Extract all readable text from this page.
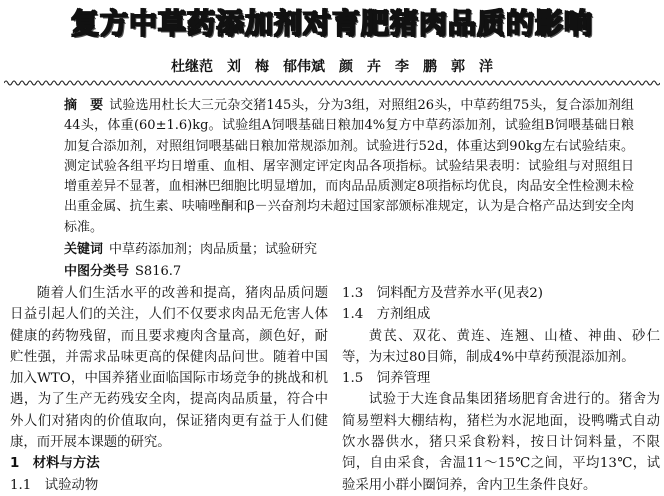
复方中草药添加剂对育肥猪肉品质的影响
杜继范　刘　梅　郁伟斌　颜　卉　李　鹏　郭　洋
摘　要 试验选用杜长大三元杂交猪145头，分为3组，对照组26头，中草药组75头，复合添加剂组44头，体重(60±1.6)kg。试验组A饲喂基础日粮加4%复方中草药添加剂，试验组B饲喂基础日粮加复合添加剂，对照组饲喂基础日粮加常规添加剂。试验进行52d，体重达到90kg左右试验结束。测定试验各组平均日增重、血相、屠宰测定评定肉品各项指标。试验结果表明：试验组与对照组日增重差异不显著，血相淋巴细胞比明显增加，而肉品品质测定8项指标均优良，肉品安全性检测未检出重金属、抗生素、呋喃唑酮和β－兴奋剂均未超过国家部颁标准规定，认为是合格产品达到安全肉标准。
关键词 中草药添加剂；肉品质量；试验研究
中图分类号 S816.7

随着人们生活水平的改善和提高，猪肉品质问题日益引起人们的关注，人们不仅要求肉品无危害人体健康的药物残留，而且要求瘦肉含量高，颜色好，耐贮性强，并需求品味更高的保健肉品问世。随着中国加入WTO，中国养猪业面临国际市场竞争的挑战和机遇，为了生产无药残安全肉，提高肉品质量，符合中外人们对猪肉的价值取向，保证猪肉更有益于人们健康，而开展本课题的研究。

1　材料与方法

1.1　试验动物

1.3　饲料配方及营养水平(见表2)

1.4　方剂组成

黄芪、双花、黄连、连翘、山楂、神曲、砂仁等，为末过80目筛，制成4%中草药预混添加剂。

1.5　饲养管理

试验于大连食品集团猪场肥育舍进行的。猪舍为简易塑料大棚结构，猪栏为水泥地面，设鸭嘴式自动饮水器供水，猪只采食粉料，按日计饲料量，不限饲，自由采食，舍温11～15℃之间，平均13℃，试验采用小群小圈饲养，舍内卫生条件良好。
